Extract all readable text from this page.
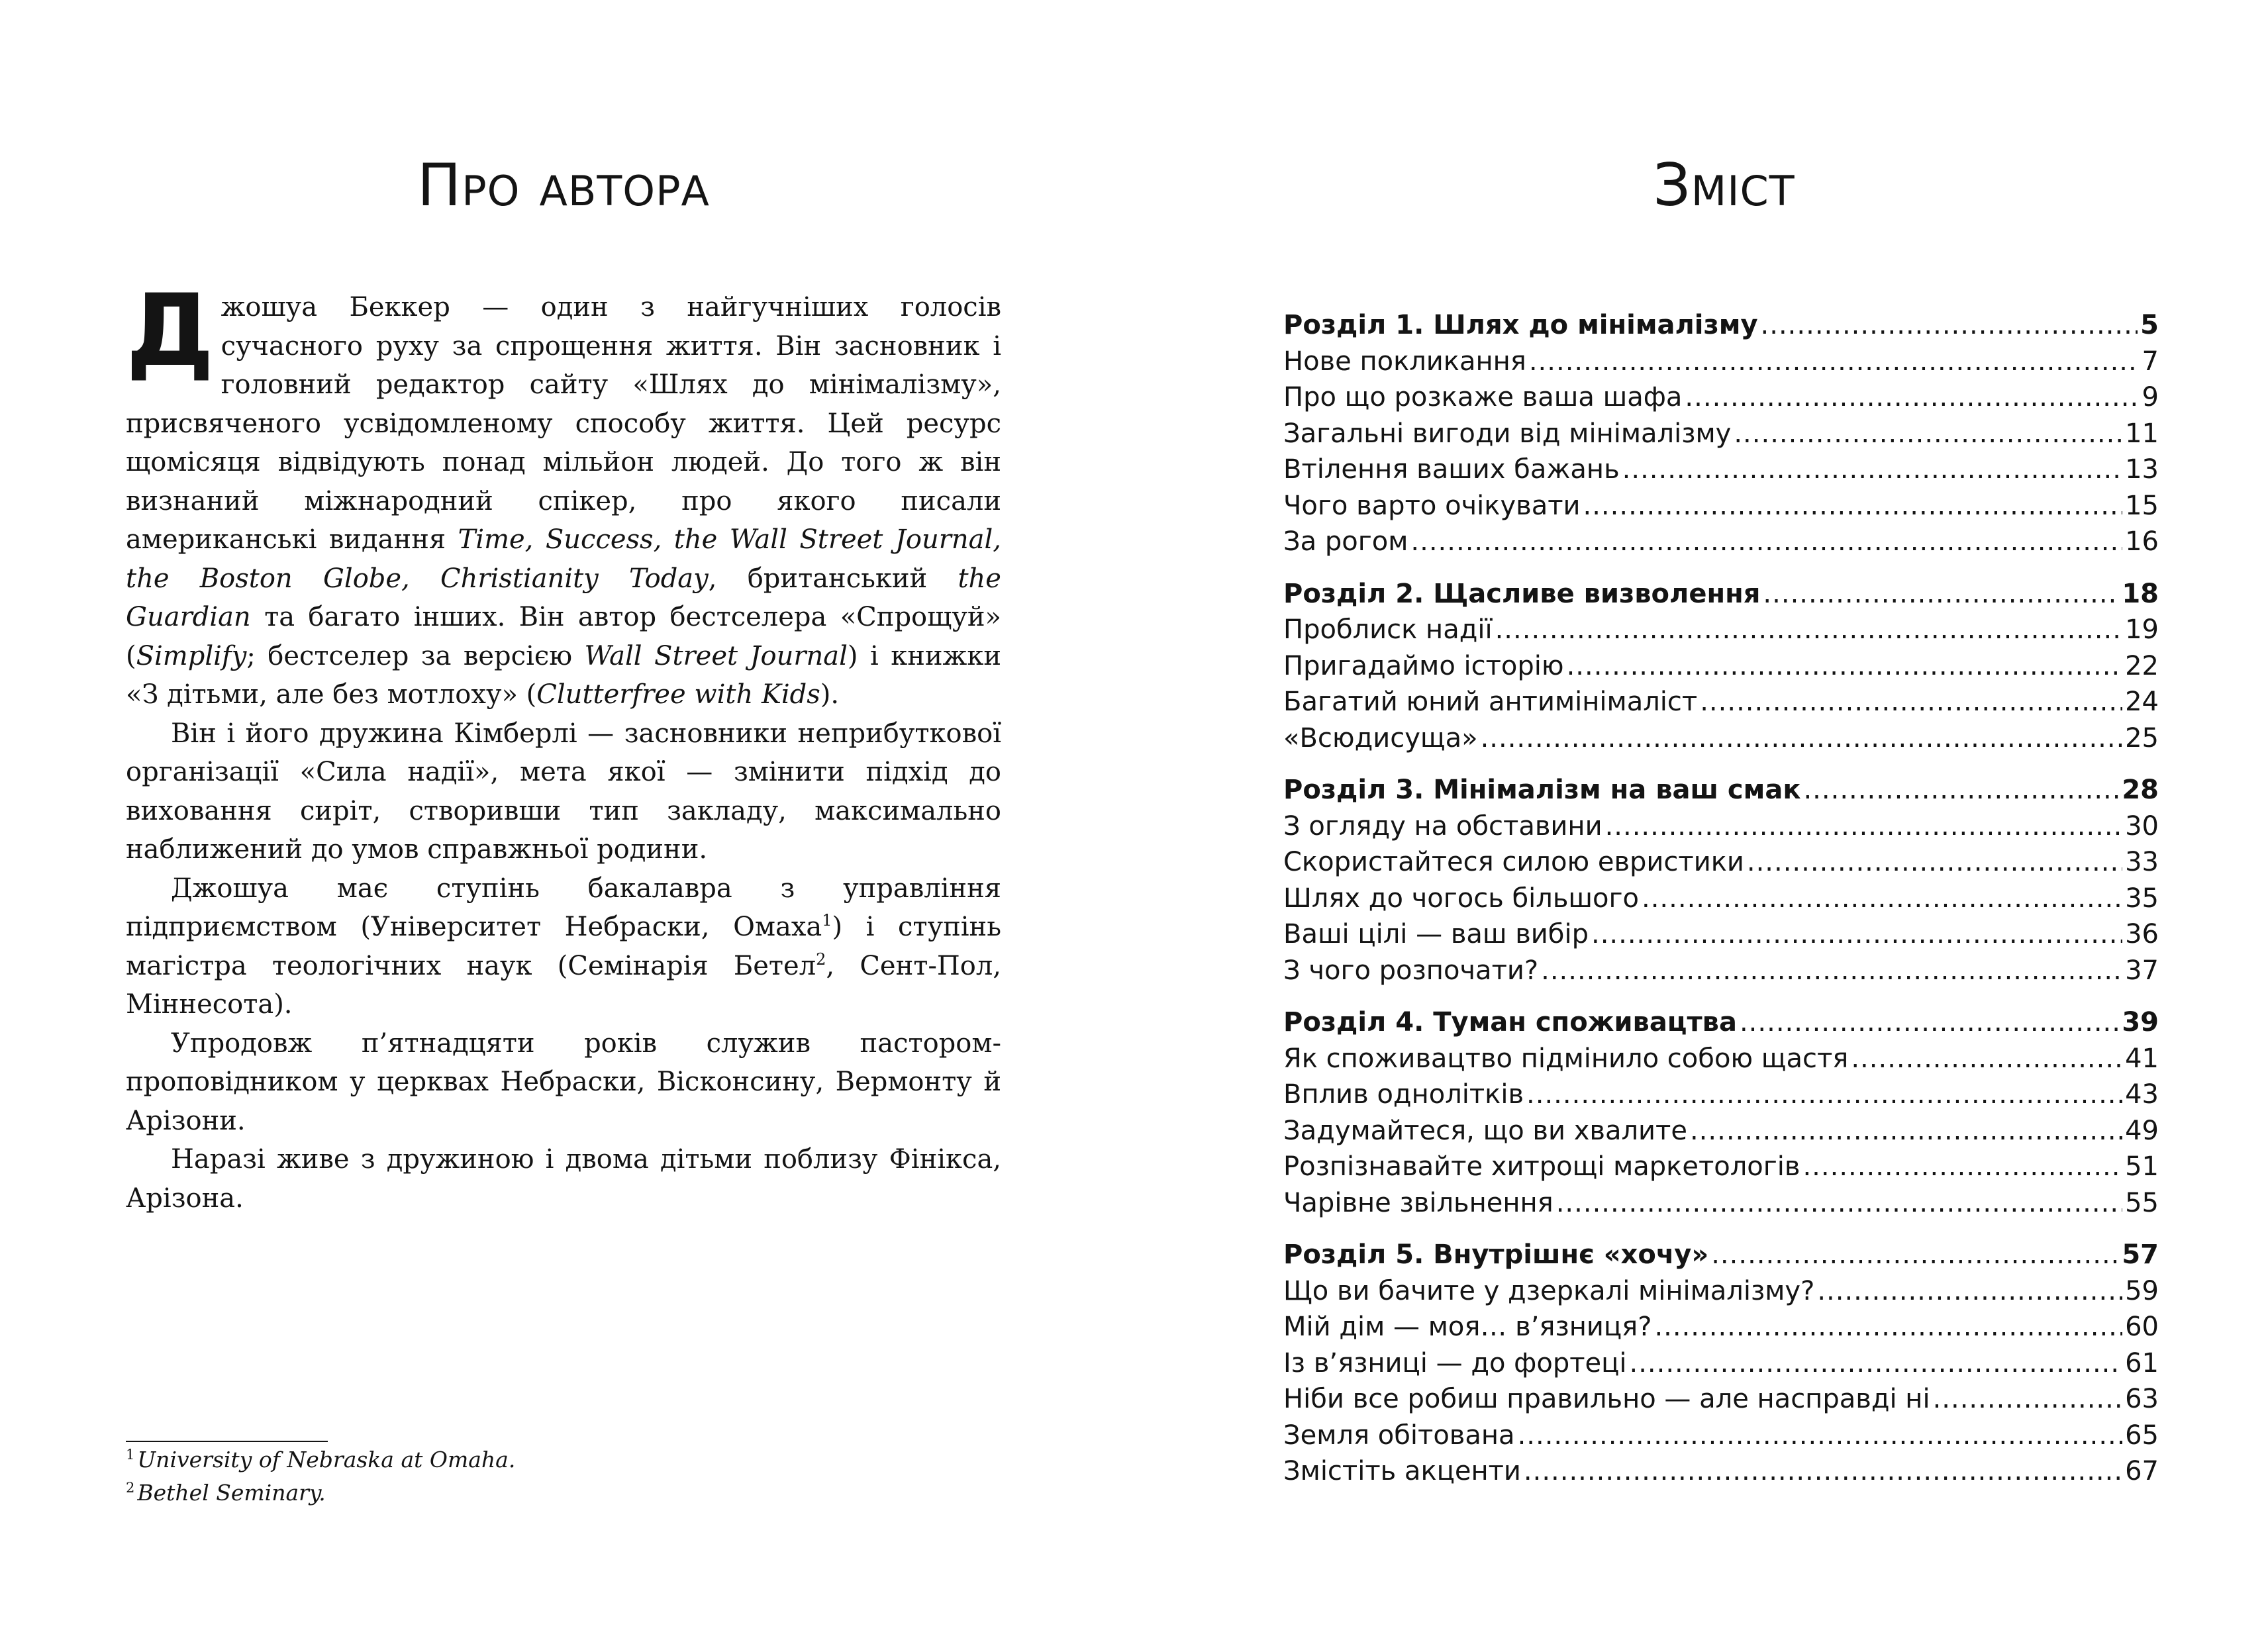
Про автора

Джошуа Беккер — один з найгучніших голосів сучасного руху за спрощення життя. Він засновник і головний редактор сайту «Шлях до мінімалізму», присвяченого усвідомленому способу життя. Цей ресурс щомісяця відвідують понад мільйон людей. До того ж він визнаний міжнародний спікер, про якого писали американські видання Time, Success, the Wall Street Journal, the Boston Globe, Christianity Today, британський the Guardian та багато інших. Він автор бестселера «Спрощуй» (Simplify; бестселер за версією Wall Street Journal) і книжки «З дітьми, але без мотлоху» (Clutterfree with Kids).

Він і його дружина Кімберлі — засновники неприбуткової організації «Сила надії», мета якої — змінити підхід до виховання сиріт, створивши тип закладу, максимально наближений до умов справжньої родини.

Джошуа має ступінь бакалавра з управління підприємством (Університет Небраски, Омаха$^1$) і ступінь магістра теологічних наук (Семінарія Бетел$^2$, Сент-Пол, Міннесота).

Упродовж п’ятнадцяти років служив пастором-проповідником у церквах Небраски, Вісконсину, Вермонту й Арізони.

Наразі живе з дружиною і двома дітьми поблизу Фінікса, Арізона.

$^1$ University of Nebraska at Omaha.
$^2$ Bethel Seminary.
Зміст
Розділ 1. Шлях до мінімалізму .....	5
Нове покликання .....	7
Про що розкаже ваша шафа .....	9
Загальні вигоди від мінімалізму .....	11
Втілення ваших бажань .....	13
Чого варто очікувати .....	15
За рогом .....	16
Розділ 2. Щасливе визволення .....	18
Проблиск надії .....	19
Пригадаймо історію .....	22
Багатий юний антимінімаліст .....	24
«Всюдисуща» .....	25
Розділ 3. Мінімалізм на ваш смак .....	28
З огляду на обставини .....	30
Скористайтеся силою евристики .....	33
Шлях до чогось більшого .....	35
Ваші цілі — ваш вибір .....	36
З чого розпочати? .....	37
Розділ 4. Туман споживацтва .....	39
Як споживацтво підмінило собою щастя .....	41
Вплив однолітків .....	43
Задумайтеся, що ви хвалите .....	49
Розпізнавайте хитрощі маркетологів .....	51
Чарівне звільнення .....	55
Розділ 5. Внутрішнє «хочу» .....	57
Що ви бачите у дзеркалі мінімалізму? .....	59
Мій дім — моя… в’язниця? .....	60
Із в’язниці — до фортеці .....	61
Ніби все робиш правильно — але насправді ні .....	63
Земля обітована .....	65
Змістіть акценти .....	67
